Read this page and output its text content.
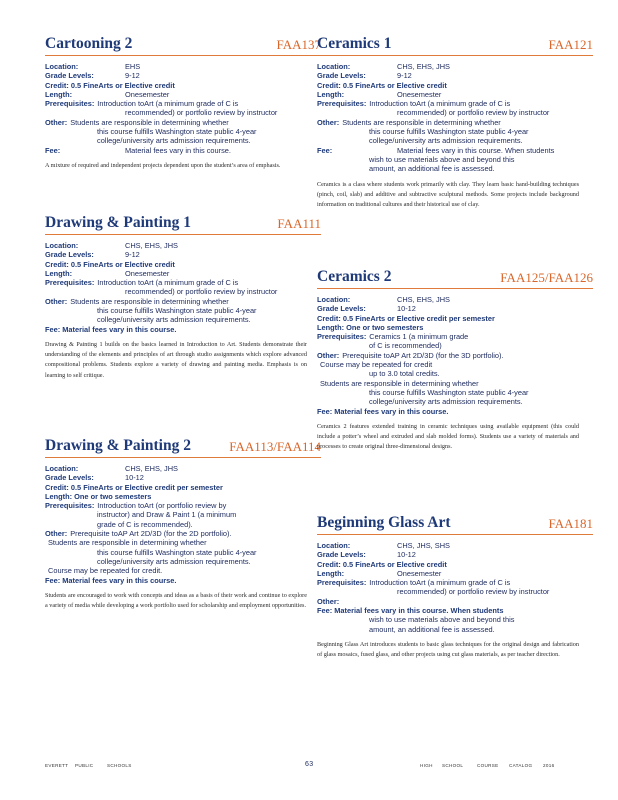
Cartooning 2	FAA137
Location:	EHS
Grade Levels:	9-12
Credit: 0.5 FineArts or Elective credit
Length:	Onesemester
Prerequisites: Introduction toArt (a minimum grade of C is
recommended) or portfolio review by instructor
Other: Students are responsible in determining whether
this course fulfills Washington state public 4-year
college/university arts admission requirements.
Fee:	Material fees vary in this course.
A mixture of required and independent projects dependent upon the student’s area of emphasis.
Drawing & Painting 1	FAA111
Location:	CHS, EHS, JHS
Grade Levels:	9-12
Credit: 0.5 FineArts or Elective credit
Length:	Onesemester
Prerequisites: Introduction toArt (a minimum grade of C is
recommended) or portfolio review by instructor
Other: Students are responsible in determining whether
this course fulfills Washington state public 4-year
college/university arts admission requirements.
Fee: Material fees vary in this course.
Drawing & Painting 1 builds on the basics learned in Introduction to Art. Students demonstrate their understanding of the elements and principles of art through studio assignments which explore advanced compositional problems. Students explore a variety of drawing and painting media. Emphasis is on learning to self critique.
Drawing & Painting 2	FAA113/FAA114
Location:	CHS, EHS, JHS
Grade Levels:	10-12
Credit: 0.5 FineArts or Elective credit per semester
Length: One or two semesters
Prerequisites: Introduction toArt (or portfolio review by
instructor) and Draw & Paint 1 (a minimum
grade of C is recommended).
Other: Prerequisite toAP Art 2D/3D (for the 2D portfolio).
Students are responsible in determining whether
this course fulfills Washington state public 4-year
college/university arts admission requirements.
Course may be repeated for credit.
Fee: Material fees vary in this course.
Students are encouraged to work with concepts and ideas as a basis of their work and continue to explore a variety of media while developing a work portfolio used for scholarship and employment opportunities.
Ceramics 1	FAA121
Location:	CHS, EHS, JHS
Grade Levels:	9-12
Credit: 0.5 FineArts or Elective credit
Length:	Onesemester
Prerequisites: Introduction toArt (a minimum grade of C is
recommended) or portfolio review by instructor
Other: Students are responsible in determining whether
this course fulfills Washington state public 4-year
college/university arts admission requirements.
Fee:	Material fees vary in this course. When students
wish to use materials above and beyond this
amount, an additional fee is assessed.
Ceramics is a class where students work primarily with clay. They learn basic hand-building techniques (pinch, coil, slab) and additive and subtractive sculptural methods. Some projects include background information on traditional cultures and their historical use of clay.
Ceramics 2	FAA125/FAA126
Location:	CHS, EHS, JHS
Grade Levels:	10-12
Credit: 0.5 FineArts or Elective credit per semester
Length: One or two semesters
Prerequisites: Ceramics 1 (a minimum grade
of C is recommended)
Other: Prerequisite toAP Art 2D/3D (for the 3D portfolio).
Course may be repeated for credit
up to 3.0 total credits.
Students are responsible in determining whether
this course fulfills Washington state public 4-year
college/university arts admission requirements.
Fee: Material fees vary in this course.
Ceramics 2 features extended training in ceramic techniques using available equipment (this could include a potter’s wheel and extruded and slab molded forms). Students use a variety of materials and processes to create original three-dimensional designs.
Beginning Glass Art	FAA181
Location:	CHS, JHS, SHS
Grade Levels:	10-12
Credit: 0.5 FineArts or Elective credit
Length:	Onesemester
Prerequisites: Introduction toArt (a minimum grade of C is
recommended) or portfolio review by instructor
Other:
Fee: Material fees vary in this course. When students
wish to use materials above and beyond this
amount, an additional fee is assessed.
Beginning Glass Art introduces students to basic glass techniques for the original design and fabrication of glass mosaics, fused glass, and other projects using cut glass materials, as per teacher direction.
EVERETT PUBLIC	SCHOOLS	63	HIGH SCHOOL	COURSE CATALOG 2016
